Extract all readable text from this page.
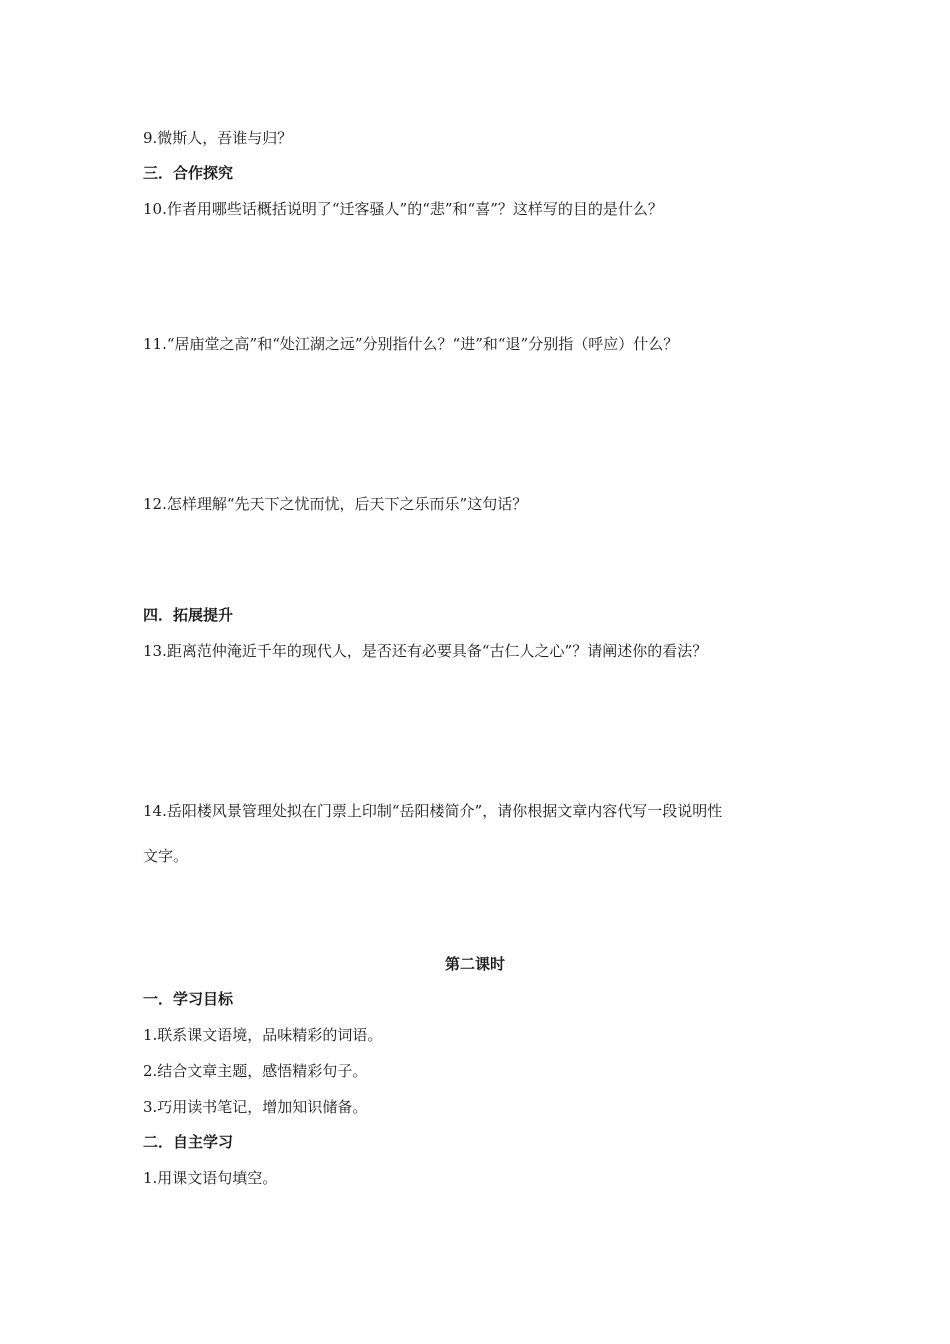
9.微斯人，吾谁与归？
三．合作探究
10.作者用哪些话概括说明了“迁客骚人”的“悲”和“喜”？这样写的目的是什么？
11.“居庙堂之高”和“处江湖之远”分别指什么？“进”和“退”分别指（呼应）什么？
12.怎样理解“先天下之忧而忧，后天下之乐而乐”这句话？
四．拓展提升
13.距离范仲淹近千年的现代人，是否还有必要具备“古仁人之心”？请阐述你的看法？
14.岳阳楼风景管理处拟在门票上印制“岳阳楼简介”，请你根据文章内容代写一段说明性
文字。
第二课时
一．学习目标
1.联系课文语境，品味精彩的词语。
2.结合文章主题，感悟精彩句子。
3.巧用读书笔记，增加知识储备。
二．自主学习
1.用课文语句填空。
